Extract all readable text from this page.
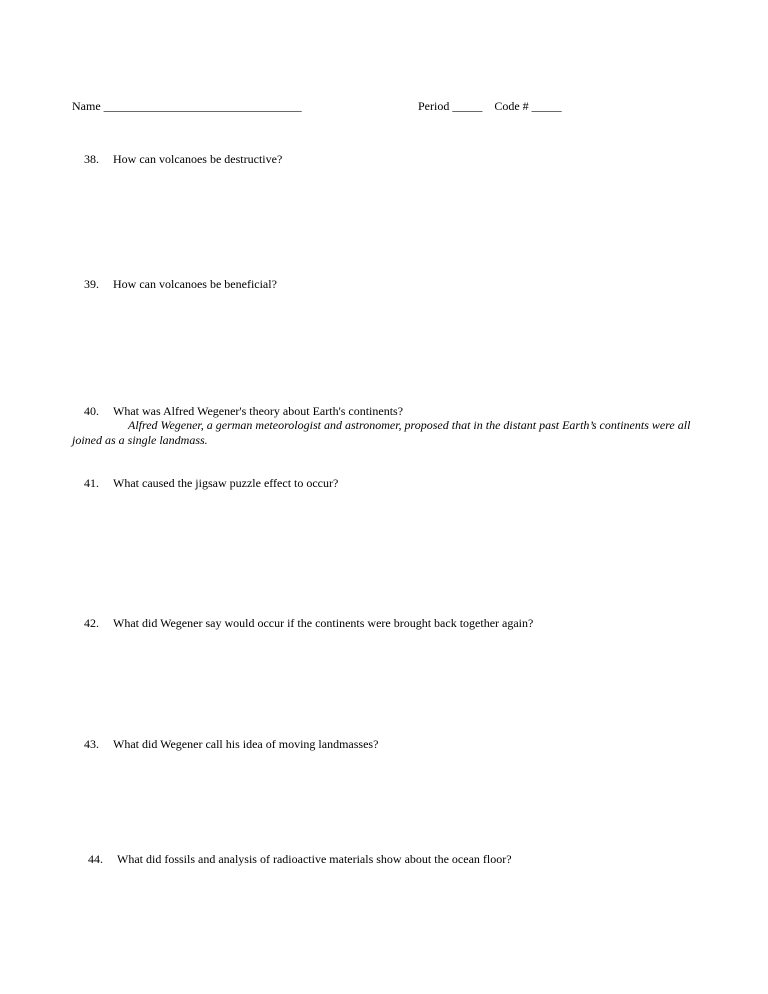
Name _________________________________	Period _____    Code # _____

38. How can volcanoes be destructive?

39. How can volcanoes be beneficial?

40. What was Alfred Wegener's theory about Earth's continents?

Alfred Wegener, a german meteorologist and astronomer, proposed that in the distant past Earth’s continents were all joined as a single landmass.

41. What caused the jigsaw puzzle effect to occur?

42. What did Wegener say would occur if the continents were brought back together again?

43. What did Wegener call his idea of moving landmasses?

44. What did fossils and analysis of radioactive materials show about the ocean floor?
